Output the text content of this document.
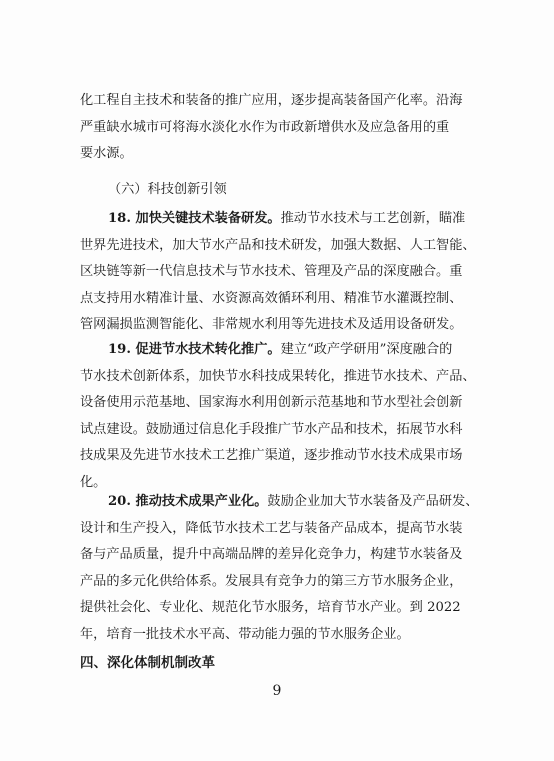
化工程自主技术和装备的推广应用，逐步提高装备国产化率。沿海
严重缺水城市可将海水淡化水作为市政新增供水及应急备用的重
要水源。
（六）科技创新引领
18. 加快关键技术装备研发。推动节水技术与工艺创新，瞄准
世界先进技术，加大节水产品和技术研发，加强大数据、人工智能、
区块链等新一代信息技术与节水技术、管理及产品的深度融合。重
点支持用水精准计量、水资源高效循环利用、精准节水灌溉控制、
管网漏损监测智能化、非常规水利用等先进技术及适用设备研发。
19. 促进节水技术转化推广。建立“政产学研用”深度融合的
节水技术创新体系，加快节水科技成果转化，推进节水技术、产品、
设备使用示范基地、国家海水利用创新示范基地和节水型社会创新
试点建设。鼓励通过信息化手段推广节水产品和技术，拓展节水科
技成果及先进节水技术工艺推广渠道，逐步推动节水技术成果市场
化。
20. 推动技术成果产业化。鼓励企业加大节水装备及产品研发、
设计和生产投入，降低节水技术工艺与装备产品成本，提高节水装
备与产品质量，提升中高端品牌的差异化竞争力，构建节水装备及
产品的多元化供给体系。发展具有竞争力的第三方节水服务企业，
提供社会化、专业化、规范化节水服务，培育节水产业。到 2022
年，培育一批技术水平高、带动能力强的节水服务企业。
四、深化体制机制改革
9
